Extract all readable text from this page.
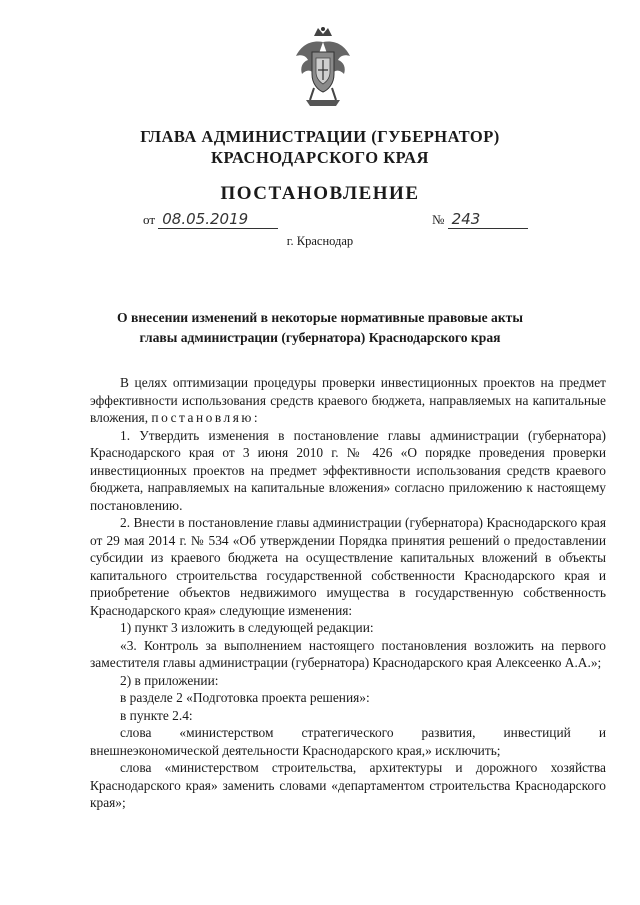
ГЛАВА АДМИНИСТРАЦИИ (ГУБЕРНАТОР)
КРАСНОДАРСКОГО КРАЯ
ПОСТАНОВЛЕНИЕ
от 08.05.2019	№ 243
г. Краснодар
О внесении изменений в некоторые нормативные правовые акты
главы администрации (губернатора) Краснодарского края

В целях оптимизации процедуры проверки инвестиционных проектов на предмет эффективности использования средств краевого бюджета, направляемых на капитальные вложения, постановляю:

1. Утвердить изменения в постановление главы администрации (губернатора) Краснодарского края от 3 июня 2010 г. № 426 «О порядке проведения проверки инвестиционных проектов на предмет эффективности использования средств краевого бюджета, направляемых на капитальные вложения» согласно приложению к настоящему постановлению.

2. Внести в постановление главы администрации (губернатора) Краснодарского края от 29 мая 2014 г. № 534 «Об утверждении Порядка принятия решений о предоставлении субсидии из краевого бюджета на осуществление капитальных вложений в объекты капитального строительства государственной собственности Краснодарского края и приобретение объектов недвижимого имущества в государственную собственность Краснодарского края» следующие изменения:

1) пункт 3 изложить в следующей редакции:

«3. Контроль за выполнением настоящего постановления возложить на первого заместителя главы администрации (губернатора) Краснодарского края Алексеенко А.А.»;

2) в приложении:

в разделе 2 «Подготовка проекта решения»:

в пункте 2.4:

слова «министерством стратегического развития, инвестиций и внешнеэкономической деятельности Краснодарского края,» исключить;

слова «министерством строительства, архитектуры и дорожного хозяйства Краснодарского края» заменить словами «департаментом строительства Краснодарского края»;
